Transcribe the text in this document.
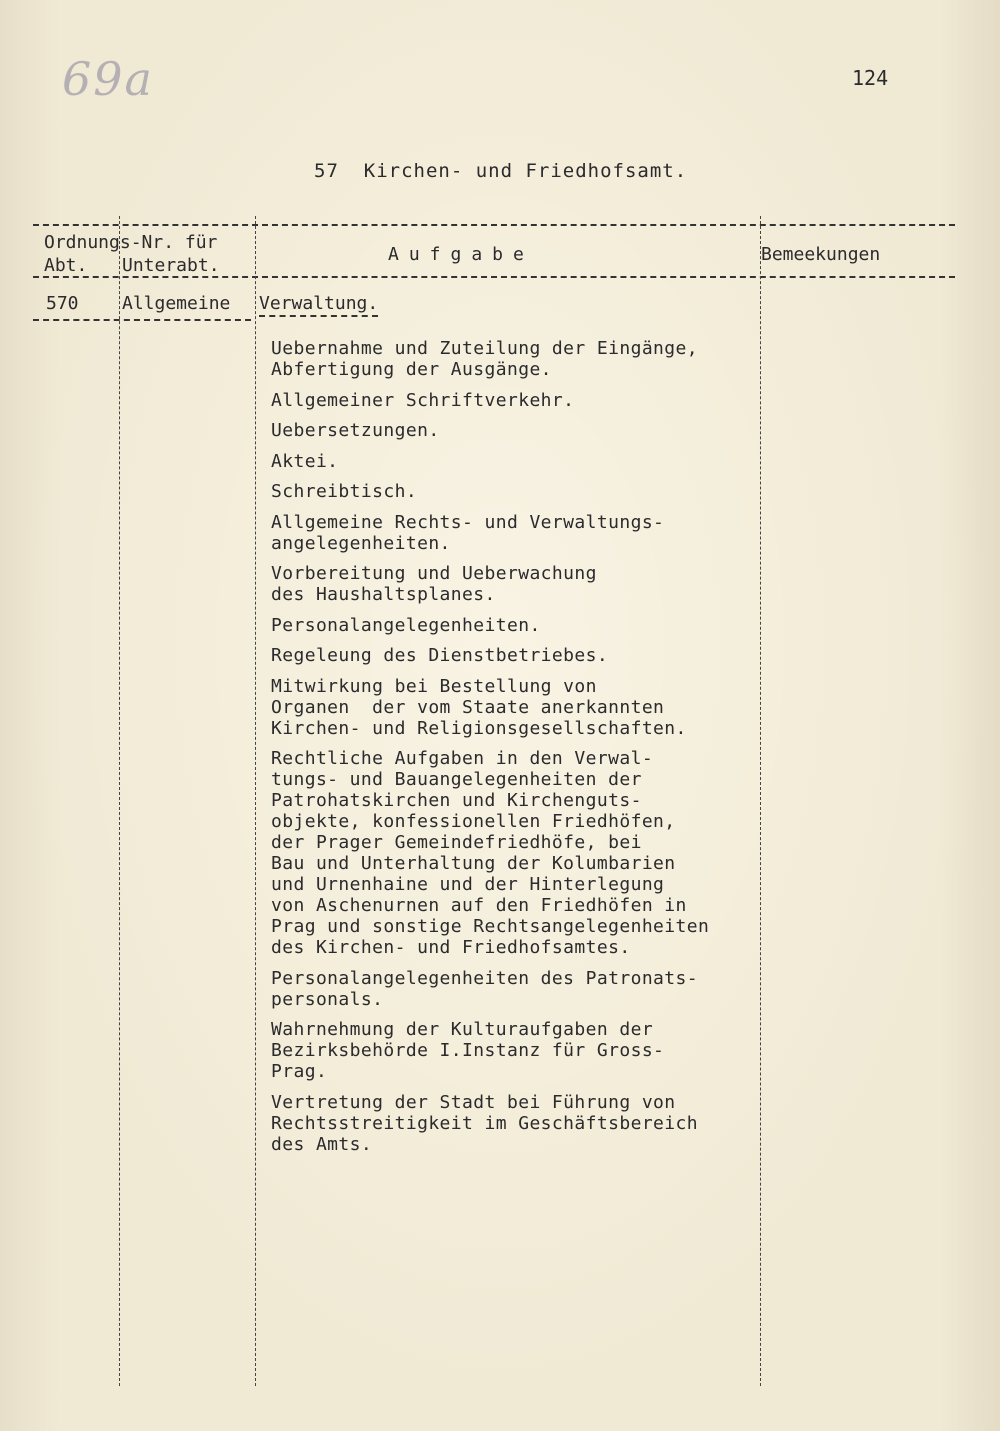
69a	124
57  Kirchen- und Friedhofsamt.
Ordnungs-Nr. für
Abt. Unterabt.
Aufgabe	Bemeekungen
570 Allgemeine Verwaltung.
Uebernahme und Zuteilung der Eingänge,
Abfertigung der Ausgänge.
Allgemeiner Schriftverkehr.
Uebersetzungen.
Aktei.
Schreibtisch.
Allgemeine Rechts- und Verwaltungs-
angelegenheiten.
Vorbereitung und Ueberwachung
des Haushaltsplanes.
Personalangelegenheiten.
Regeleung des Dienstbetriebes.
Mitwirkung bei Bestellung von
Organen  der vom Staate anerkannten
Kirchen- und Religionsgesellschaften.
Rechtliche Aufgaben in den Verwal-
tungs- und Bauangelegenheiten der
Patrohatskirchen und Kirchenguts-
objekte, konfessionellen Friedhöfen,
der Prager Gemeindefriedhöfe, bei
Bau und Unterhaltung der Kolumbarien
und Urnenhaine und der Hinterlegung
von Aschenurnen auf den Friedhöfen in
Prag und sonstige Rechtsangelegenheiten
des Kirchen- und Friedhofsamtes.
Personalangelegenheiten des Patronats-
personals.
Wahrnehmung der Kulturaufgaben der
Bezirksbehörde I.Instanz für Gross-
Prag.
Vertretung der Stadt bei Führung von
Rechtsstreitigkeit im Geschäftsbereich
des Amts.
